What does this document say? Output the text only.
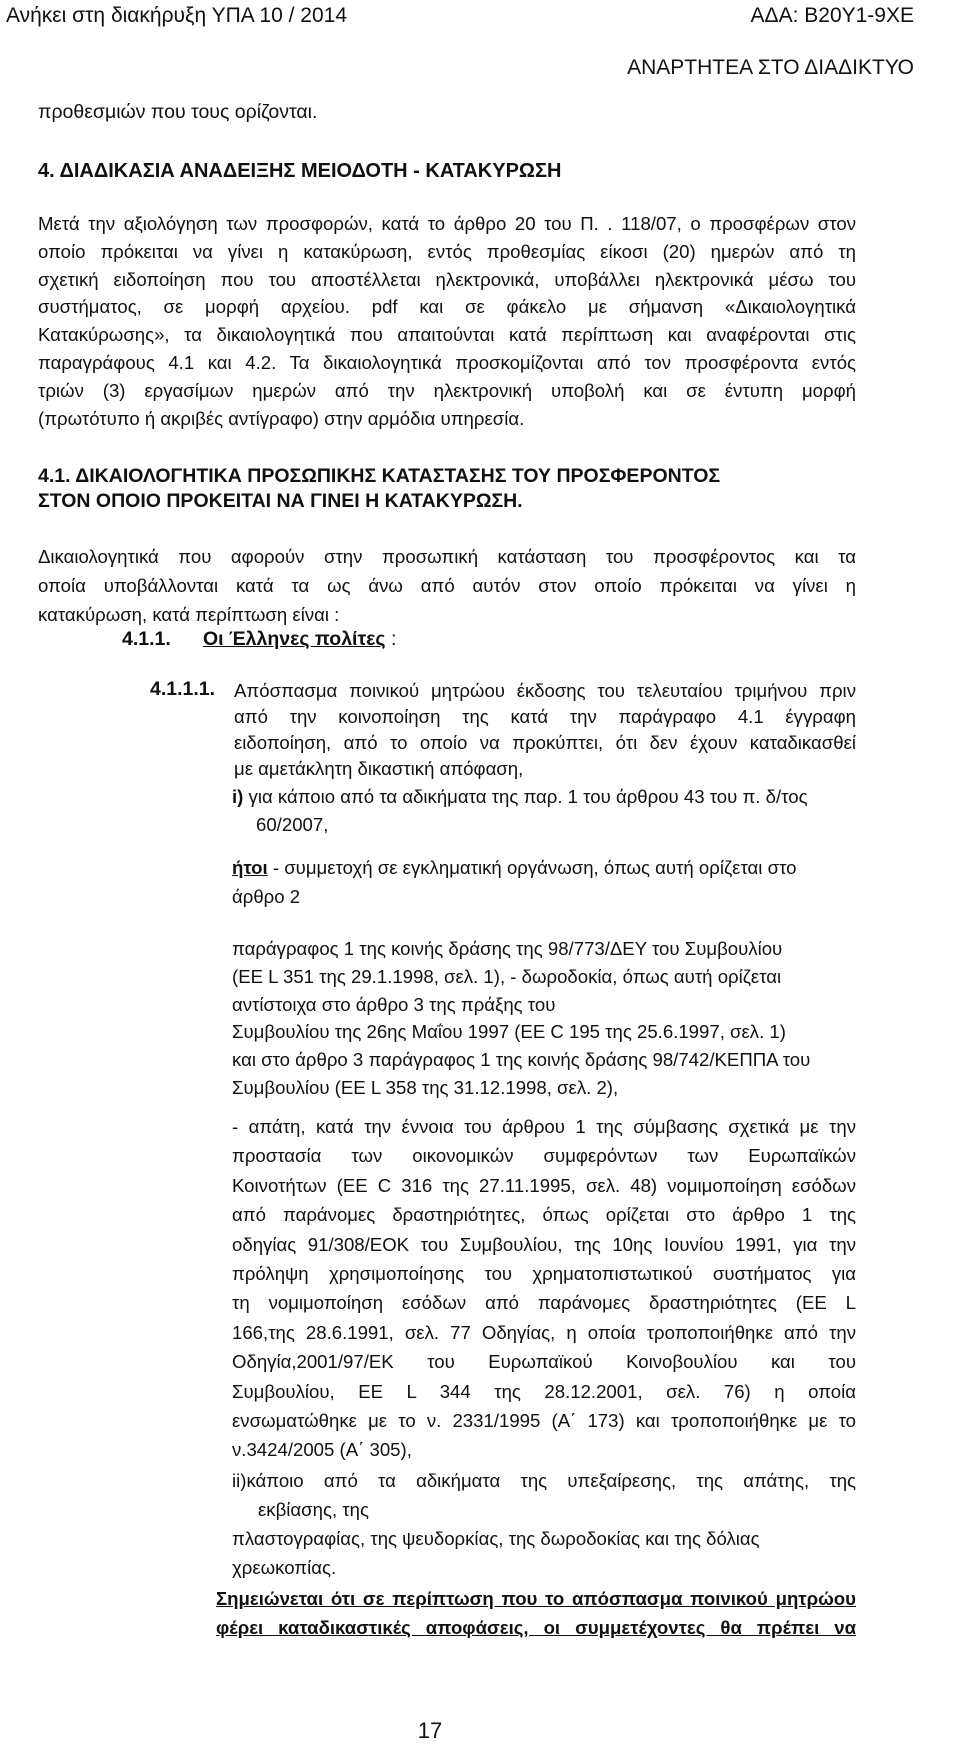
Ανήκει στη διακήρυξη ΥΠΑ 10 / 2014	ΑΔΑ: Β20Υ1-9ΧΕ
ΑΝΑΡΤΗΤΕΑ ΣΤΟ ΔΙΑΔΙΚΤΥΟ
προθεσμιών που τους ορίζονται.
4. ΔΙΑΔΙΚΑΣΙΑ ΑΝΑΔΕΙΞΗΣ ΜΕΙΟΔΟΤΗ - ΚΑΤΑΚΥΡΩΣΗ
Μετά την αξιολόγηση των προσφορών, κατά το άρθρο 20 του Π. . 118/07, ο προσφέρων στον
οποίο πρόκειται να γίνει η κατακύρωση, εντός προθεσμίας είκοσι (20) ημερών από τη
σχετική ειδοποίηση που του αποστέλλεται ηλεκτρονικά, υποβάλλει ηλεκτρονικά μέσω του
συστήματος, σε μορφή αρχείου. pdf και σε φάκελο με σήμανση «Δικαιολογητικά
Κατακύρωσης», τα δικαιολογητικά που απαιτούνται κατά περίπτωση και αναφέρονται στις
παραγράφους 4.1 και 4.2. Τα δικαιολογητικά προσκομίζονται από τον προσφέροντα εντός
τριών (3) εργασίμων ημερών από την ηλεκτρονική υποβολή και σε έντυπη μορφή
(πρωτότυπο ή ακριβές αντίγραφο) στην αρμόδια υπηρεσία.
4.1. ΔΙΚΑΙΟΛΟΓΗΤΙΚΑ ΠΡΟΣΩΠΙΚΗΣ ΚΑΤΑΣΤΑΣΗΣ ΤΟΥ ΠΡΟΣΦΕΡΟΝΤΟΣ
ΣΤΟΝ ΟΠΟΙΟ ΠΡΟΚΕΙΤΑΙ ΝΑ ΓΙΝΕΙ Η ΚΑΤΑΚΥΡΩΣΗ.
Δικαιολογητικά που αφορούν στην προσωπική κατάσταση του προσφέροντος και τα
οποία υποβάλλονται κατά τα ως άνω από αυτόν στον οποίο πρόκειται να γίνει η
κατακύρωση, κατά περίπτωση είναι :
4.1.1. Οι Έλληνες πολίτες :
4.1.1.1. Απόσπασμα ποινικού μητρώου έκδοσης του τελευταίου τριμήνου πριν
από την κοινοποίηση της κατά την παράγραφο 4.1 έγγραφη
ειδοποίηση, από το οποίο να προκύπτει, ότι δεν έχουν καταδικασθεί
με αμετάκλητη δικαστική απόφαση,
i) για κάποιο από τα αδικήματα της παρ. 1 του άρθρου 43 του π. δ/τος
60/2007,
ήτοι - συμμετοχή σε εγκληματική οργάνωση, όπως αυτή ορίζεται στο
άρθρο 2
παράγραφος 1 της κοινής δράσης της 98/773/ΔΕΥ του Συμβουλίου
(ΕΕ L 351 της 29.1.1998, σελ. 1), - δωροδοκία, όπως αυτή ορίζεται
αντίστοιχα στο άρθρο 3 της πράξης του
Συμβουλίου της 26ης Μαΐου 1997 (ΕΕ C 195 της 25.6.1997, σελ. 1)
και στο άρθρο 3 παράγραφος 1 της κοινής δράσης 98/742/ΚΕΠΠΑ του
Συμβουλίου (ΕΕ L 358 της 31.12.1998, σελ. 2),
- απάτη, κατά την έννοια του άρθρου 1 της σύμβασης σχετικά με την
προστασία των οικονομικών συμφερόντων των Ευρωπαϊκών
Κοινοτήτων (ΕΕ C 316 της 27.11.1995, σελ. 48) νομιμοποίηση εσόδων
από παράνομες δραστηριότητες, όπως ορίζεται στο άρθρο 1 της
οδηγίας 91/308/ΕΟΚ του Συμβουλίου, της 10ης Ιουνίου 1991, για την
πρόληψη χρησιμοποίησης του χρηματοπιστωτικού συστήματος για
τη νομιμοποίηση εσόδων από παράνομες δραστηριότητες (ΕΕ L
166,της 28.6.1991, σελ. 77 Οδηγίας, η οποία τροποποιήθηκε από την
Οδηγία,2001/97/ΕΚ του Ευρωπαϊκού Κοινοβουλίου και του
Συμβουλίου, ΕΕ L 344 της 28.12.2001, σελ. 76) η οποία
ενσωματώθηκε με το ν. 2331/1995 (Α΄ 173) και τροποποιήθηκε με το
ν.3424/2005 (Α΄ 305),
ii)κάποιο από τα αδικήματα της υπεξαίρεσης, της απάτης, της
εκβίασης, της
πλαστογραφίας, της ψευδορκίας, της δωροδοκίας και της δόλιας
χρεωκοπίας.
Σημειώνεται ότι σε περίπτωση που το απόσπασμα ποινικού μητρώου
φέρει καταδικαστικές αποφάσεις, οι συμμετέχοντες θα πρέπει να
17
